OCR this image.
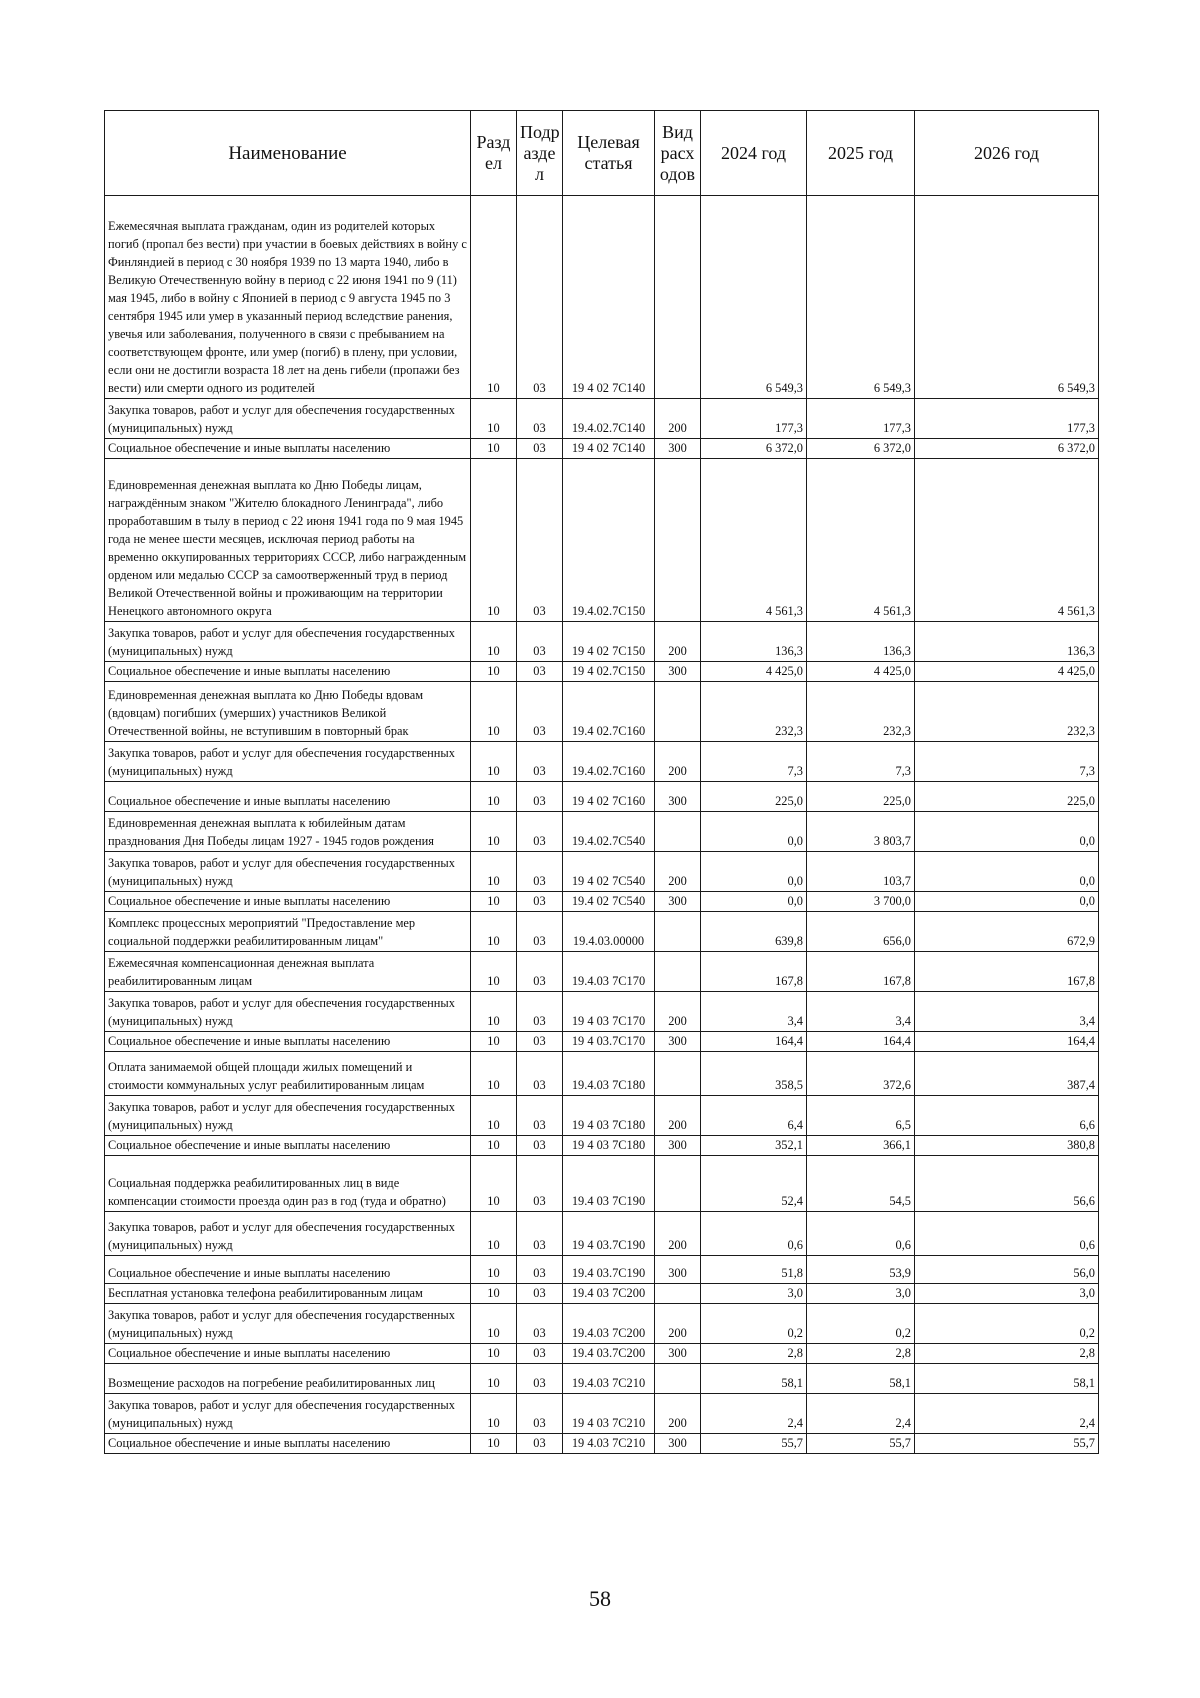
Наименование	Разд ел	Подр азде л	Целевая статья	Вид расх одов	2024 год	2025 год	2026 год

Ежемесячная выплата гражданам, один из родителей которых погиб (пропал без вести) при участии в боевых действиях в войну с Финляндией в период с 30 ноября 1939 по 13 марта 1940, либо в Великую Отечественную войну в период с 22 июня 1941 по 9 (11) мая 1945, либо в войну с Японией в период с 9 августа 1945 по 3 сентября 1945 или умер в указанный период вследствие ранения, увечья или заболевания, полученного в связи с пребыванием на соответствующем фронте, или умер (погиб) в плену, при условии, если они не достигли возраста 18 лет на день гибели (пропажи без вести) или смерти одного из родителей	10	03	19 4 02 7С140		6 549,3	6 549,3	6 549,3

Закупка товаров, работ и услуг для обеспечения государственных (муниципальных) нужд	10	03	19.4.02.7С140	200	177,3	177,3	177,3

Социальное обеспечение и иные выплаты населению	10	03	19 4 02 7С140	300	6 372,0	6 372,0	6 372,0

Единовременная денежная выплата ко Дню Победы лицам, награждённым знаком "Жителю блокадного Ленинграда", либо проработавшим в тылу в период с 22 июня 1941 года по 9 мая 1945 года не менее шести месяцев, исключая период работы на временно оккупированных территориях СССР, либо награжденным орденом или медалью СССР за самоотверженный труд в период Великой Отечественной войны и проживающим на территории Ненецкого автономного округа	10	03	19.4.02.7С150		4 561,3	4 561,3	4 561,3

Закупка товаров, работ и услуг для обеспечения государственных (муниципальных) нужд	10	03	19 4 02 7С150	200	136,3	136,3	136,3

Социальное обеспечение и иные выплаты населению	10	03	19 4 02.7С150	300	4 425,0	4 425,0	4 425,0

Единовременная денежная выплата ко Дню Победы вдовам (вдовцам) погибших (умерших) участников Великой Отечественной войны, не вступившим в повторный брак	10	03	19.4 02.7С160		232,3	232,3	232,3

Закупка товаров, работ и услуг для обеспечения государственных (муниципальных) нужд	10	03	19.4.02.7С160	200	7,3	7,3	7,3

Социальное обеспечение и иные выплаты населению	10	03	19 4 02 7С160	300	225,0	225,0	225,0

Единовременная денежная выплата к юбилейным датам празднования Дня Победы лицам 1927 - 1945 годов рождения	10	03	19.4.02.7С540		0,0	3 803,7	0,0

Закупка товаров, работ и услуг для обеспечения государственных (муниципальных) нужд	10	03	19 4 02 7С540	200	0,0	103,7	0,0

Социальное обеспечение и иные выплаты населению	10	03	19.4 02 7С540	300	0,0	3 700,0	0,0

Комплекс процессных мероприятий "Предоставление мер социальной поддержки реабилитированным лицам"	10	03	19.4.03.00000		639,8	656,0	672,9

Ежемесячная компенсационная денежная выплата реабилитированным лицам	10	03	19.4.03 7С170		167,8	167,8	167,8

Закупка товаров, работ и услуг для обеспечения государственных (муниципальных) нужд	10	03	19 4 03 7С170	200	3,4	3,4	3,4

Социальное обеспечение и иные выплаты населению	10	03	19 4 03.7С170	300	164,4	164,4	164,4

Оплата занимаемой общей площади жилых помещений и стоимости коммунальных услуг реабилитированным лицам	10	03	19.4.03 7С180		358,5	372,6	387,4

Закупка товаров, работ и услуг для обеспечения государственных (муниципальных) нужд	10	03	19 4 03 7С180	200	6,4	6,5	6,6

Социальное обеспечение и иные выплаты населению	10	03	19 4 03 7С180	300	352,1	366,1	380,8

Социальная поддержка реабилитированных лиц в виде компенсации стоимости проезда один раз в год (туда и обратно)	10	03	19.4 03 7С190		52,4	54,5	56,6

Закупка товаров, работ и услуг для обеспечения государственных (муниципальных) нужд	10	03	19 4 03.7С190	200	0,6	0,6	0,6

Социальное обеспечение и иные выплаты населению	10	03	19.4 03.7С190	300	51,8	53,9	56,0

Бесплатная установка телефона реабилитированным лицам	10	03	19.4 03 7С200		3,0	3,0	3,0

Закупка товаров, работ и услуг для обеспечения государственных (муниципальных) нужд	10	03	19.4.03 7С200	200	0,2	0,2	0,2

Социальное обеспечение и иные выплаты населению	10	03	19.4 03.7С200	300	2,8	2,8	2,8

Возмещение расходов на погребение реабилитированных лиц	10	03	19.4.03 7С210		58,1	58,1	58,1

Закупка товаров, работ и услуг для обеспечения государственных (муниципальных) нужд	10	03	19 4 03 7С210	200	2,4	2,4	2,4

Социальное обеспечение и иные выплаты населению	10	03	19 4.03 7С210	300	55,7	55,7	55,7
58
